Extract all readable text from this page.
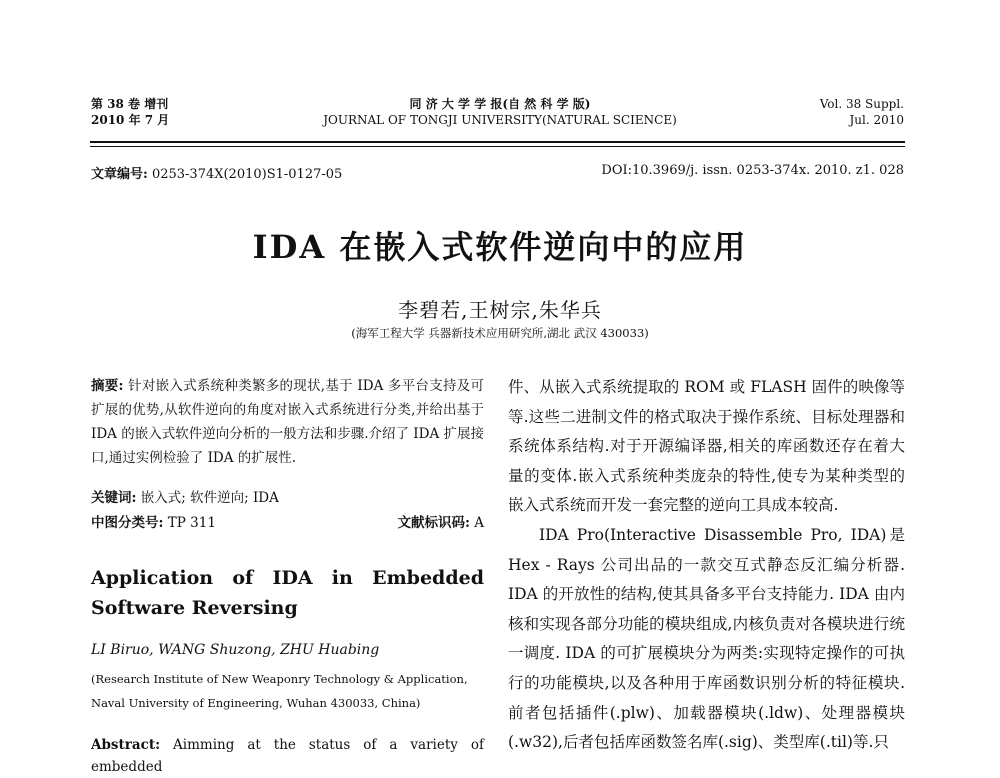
第 38 卷 增刊
2010 年 7 月
同 济 大 学 学 报(自 然 科 学 版)
JOURNAL OF TONGJI UNIVERSITY(NATURAL SCIENCE)
Vol. 38 Suppl.
Jul. 2010
文章编号: 0253-374X(2010)S1-0127-05	DOI:10.3969/j. issn. 0253-374x. 2010. z1. 028
IDA 在嵌入式软件逆向中的应用
李碧若,王树宗,朱华兵
(海军工程大学 兵器新技术应用研究所,湖北 武汉 430033)
摘要: 针对嵌入式系统种类繁多的现状,基于 IDA 多平台支持及可扩展的优势,从软件逆向的角度对嵌入式系统进行分类,并给出基于 IDA 的嵌入式软件逆向分析的一般方法和步骤.介绍了 IDA 扩展接口,通过实例检验了 IDA 的扩展性.
关键词: 嵌入式; 软件逆向; IDA
中图分类号: TP 311	文献标识码: A
Application of IDA in Embedded
Software Reversing
LI Biruo, WANG Shuzong, ZHU Huabing
(Research Institute of New Weaponry Technology & Application, Naval University of Engineering, Wuhan 430033, China)
Abstract: Aimming at the status of a variety of embedded

件、从嵌入式系统提取的 ROM 或 FLASH 固件的映像等等.这些二进制文件的格式取决于操作系统、目标处理器和系统体系结构.对于开源编译器,相关的库函数还存在着大量的变体.嵌入式系统种类庞杂的特性,使专为某种类型的嵌入式系统而开发一套完整的逆向工具成本较高.

IDA Pro(Interactive Disassemble Pro, IDA)是 Hex - Rays 公司出品的一款交互式静态反汇编分析器. IDA 的开放性的结构,使其具备多平台支持能力. IDA 由内核和实现各部分功能的模块组成,内核负责对各模块进行统一调度. IDA 的可扩展模块分为两类:实现特定操作的可执行的功能模块,以及各种用于库函数识别分析的特征模块.前者包括插件(.plw)、加载器模块(.ldw)、处理器模块(.w32),后者包括库函数签名库(.sig)、类型库(.til)等.只
